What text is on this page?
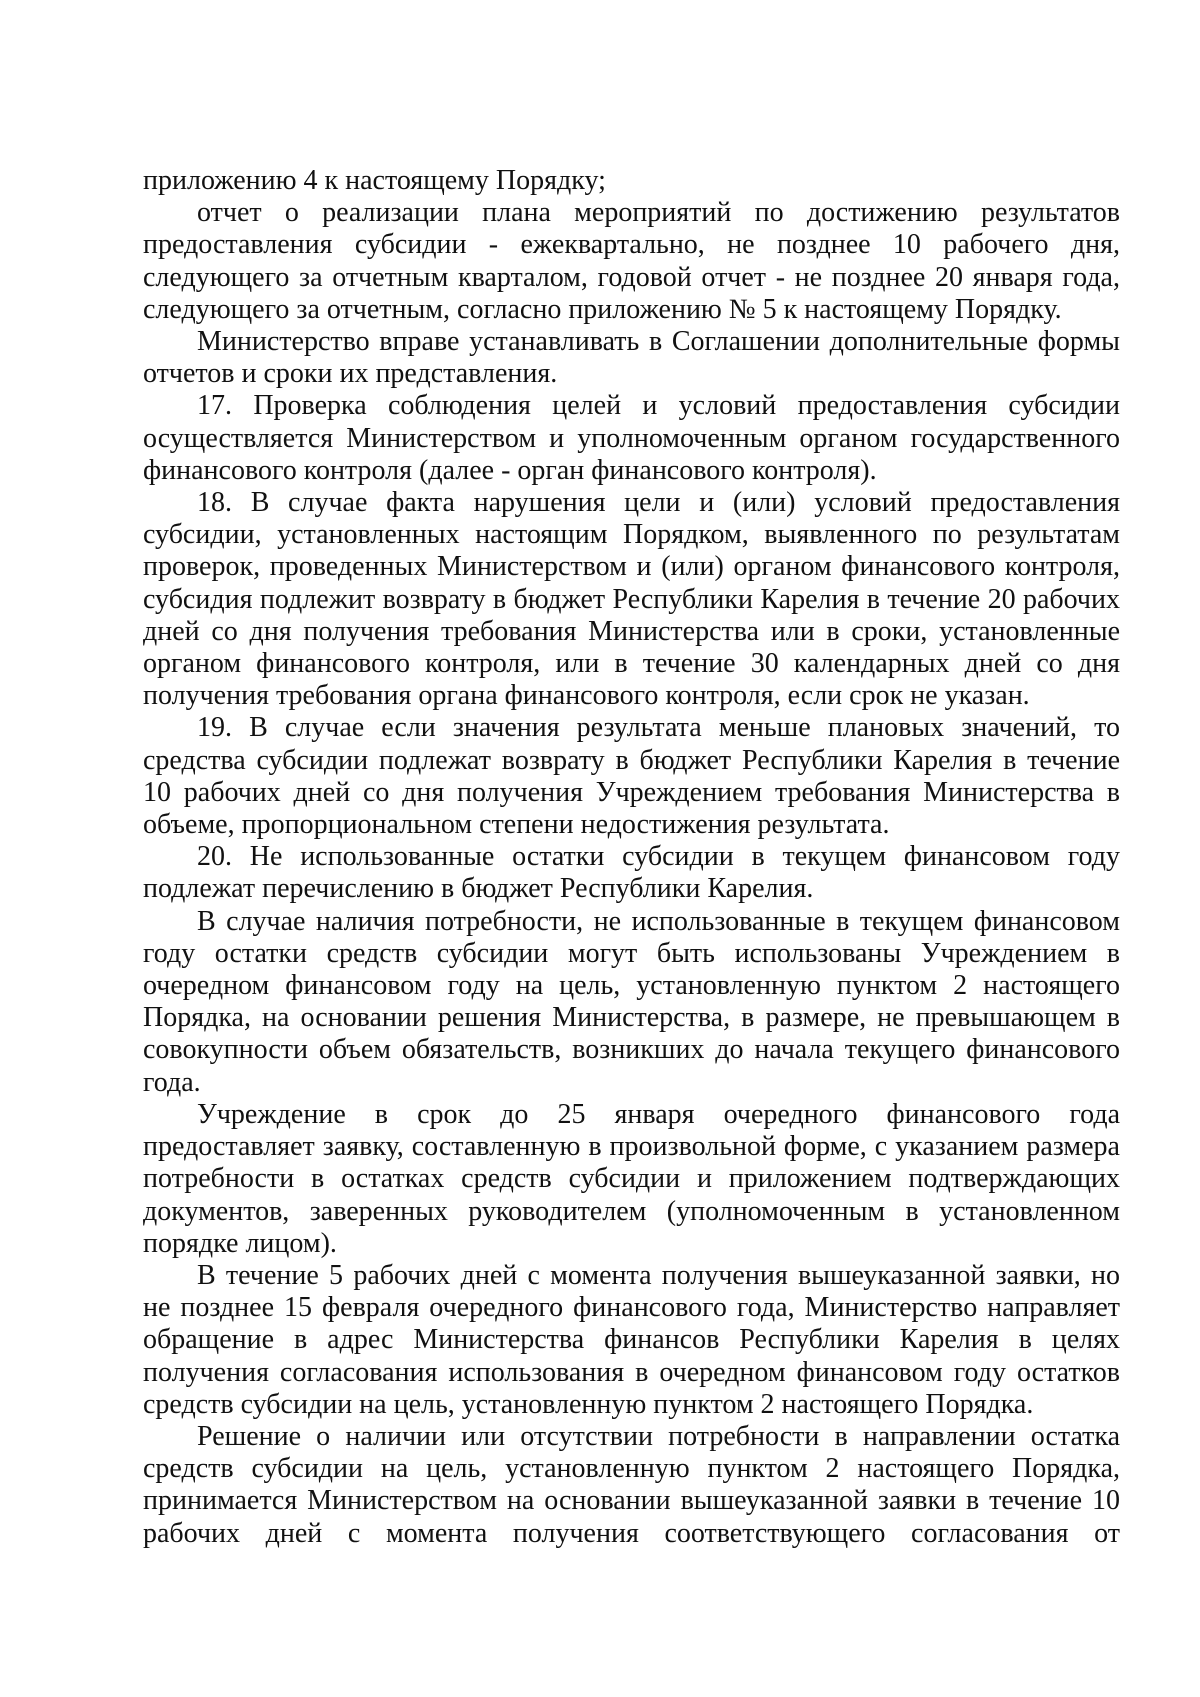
приложению 4 к настоящему Порядку;

отчет о реализации плана мероприятий по достижению результатов предоставления субсидии - ежеквартально, не позднее 10 рабочего дня, следующего за отчетным кварталом, годовой отчет - не позднее 20 января года, следующего за отчетным, согласно приложению № 5 к настоящему Порядку.

Министерство вправе устанавливать в Соглашении дополнительные формы отчетов и сроки их представления.

17. Проверка соблюдения целей и условий предоставления субсидии осуществляется Министерством и уполномоченным органом государственного финансового контроля (далее - орган финансового контроля).

18. В случае факта нарушения цели и (или) условий предоставления субсидии, установленных настоящим Порядком, выявленного по результатам проверок, проведенных Министерством и (или) органом финансового контроля, субсидия подлежит возврату в бюджет Республики Карелия в течение 20 рабочих дней со дня получения требования Министерства или в сроки, установленные органом финансового контроля, или в течение 30 календарных дней со дня получения требования органа финансового контроля, если срок не указан.

19. В случае если значения результата меньше плановых значений, то средства субсидии подлежат возврату в бюджет Республики Карелия в течение 10 рабочих дней со дня получения Учреждением требования Министерства в объеме, пропорциональном степени недостижения результата.

20. Не использованные остатки субсидии в текущем финансовом году подлежат перечислению в бюджет Республики Карелия.

В случае наличия потребности, не использованные в текущем финансовом году остатки средств субсидии могут быть использованы Учреждением в очередном финансовом году на цель, установленную пунктом 2 настоящего Порядка, на основании решения Министерства, в размере, не превышающем в совокупности объем обязательств, возникших до начала текущего финансового года.

Учреждение в срок до 25 января очередного финансового года предоставляет заявку, составленную в произвольной форме, с указанием размера потребности в остатках средств субсидии и приложением подтверждающих документов, заверенных руководителем (уполномоченным в установленном порядке лицом).

В течение 5 рабочих дней с момента получения вышеуказанной заявки, но не позднее 15 февраля очередного финансового года, Министерство направляет обращение в адрес Министерства финансов Республики Карелия в целях получения согласования использования в очередном финансовом году остатков средств субсидии на цель, установленную пунктом 2 настоящего Порядка.

Решение о наличии или отсутствии потребности в направлении остатка средств субсидии на цель, установленную пунктом 2 настоящего Порядка, принимается Министерством на основании вышеуказанной заявки в течение 10 рабочих дней с момента получения соответствующего согласования от
